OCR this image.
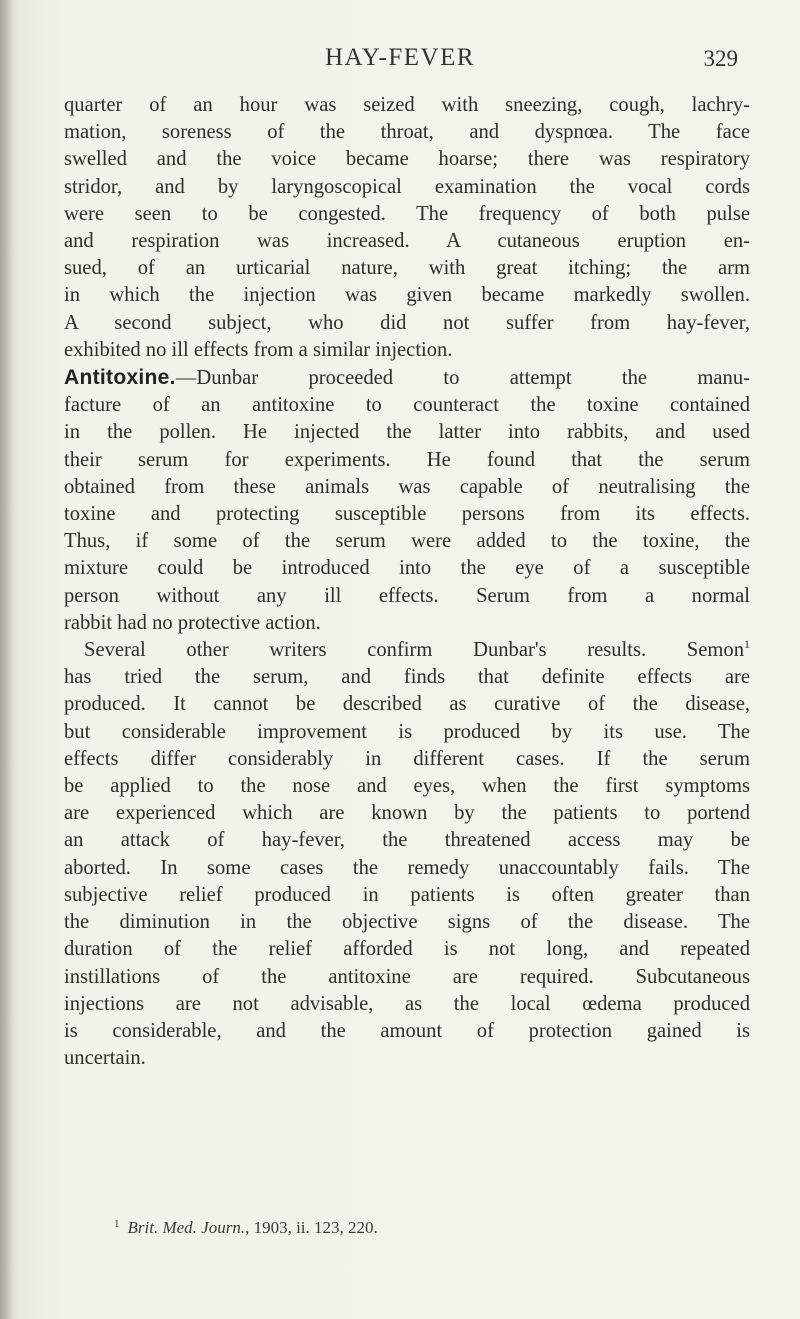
HAY-FEVER	329

quarter of an hour was seized with sneezing, cough, lachry-
mation, soreness of the throat, and dyspnœa. The face
swelled and the voice became hoarse; there was respiratory
stridor, and by laryngoscopical examination the vocal cords
were seen to be congested. The frequency of both pulse
and respiration was increased. A cutaneous eruption en-
sued, of an urticarial nature, with great itching; the arm
in which the injection was given became markedly swollen.
A second subject, who did not suffer from hay-fever,
exhibited no ill effects from a similar injection.

Antitoxine.—Dunbar proceeded to attempt the manu-
facture of an antitoxine to counteract the toxine contained
in the pollen. He injected the latter into rabbits, and used
their serum for experiments. He found that the serum
obtained from these animals was capable of neutralising the
toxine and protecting susceptible persons from its effects.
Thus, if some of the serum were added to the toxine, the
mixture could be introduced into the eye of a susceptible
person without any ill effects. Serum from a normal
rabbit had no protective action.

Several other writers confirm Dunbar's results. Semon$^1$
has tried the serum, and finds that definite effects are
produced. It cannot be described as curative of the disease,
but considerable improvement is produced by its use. The
effects differ considerably in different cases. If the serum
be applied to the nose and eyes, when the first symptoms
are experienced which are known by the patients to portend
an attack of hay-fever, the threatened access may be
aborted. In some cases the remedy unaccountably fails. The
subjective relief produced in patients is often greater than
the diminution in the objective signs of the disease. The
duration of the relief afforded is not long, and repeated
instillations of the antitoxine are required. Subcutaneous
injections are not advisable, as the local œdema produced
is considerable, and the amount of protection gained is
uncertain.

$^1$ Brit. Med. Journ., 1903, ii. 123, 220.
